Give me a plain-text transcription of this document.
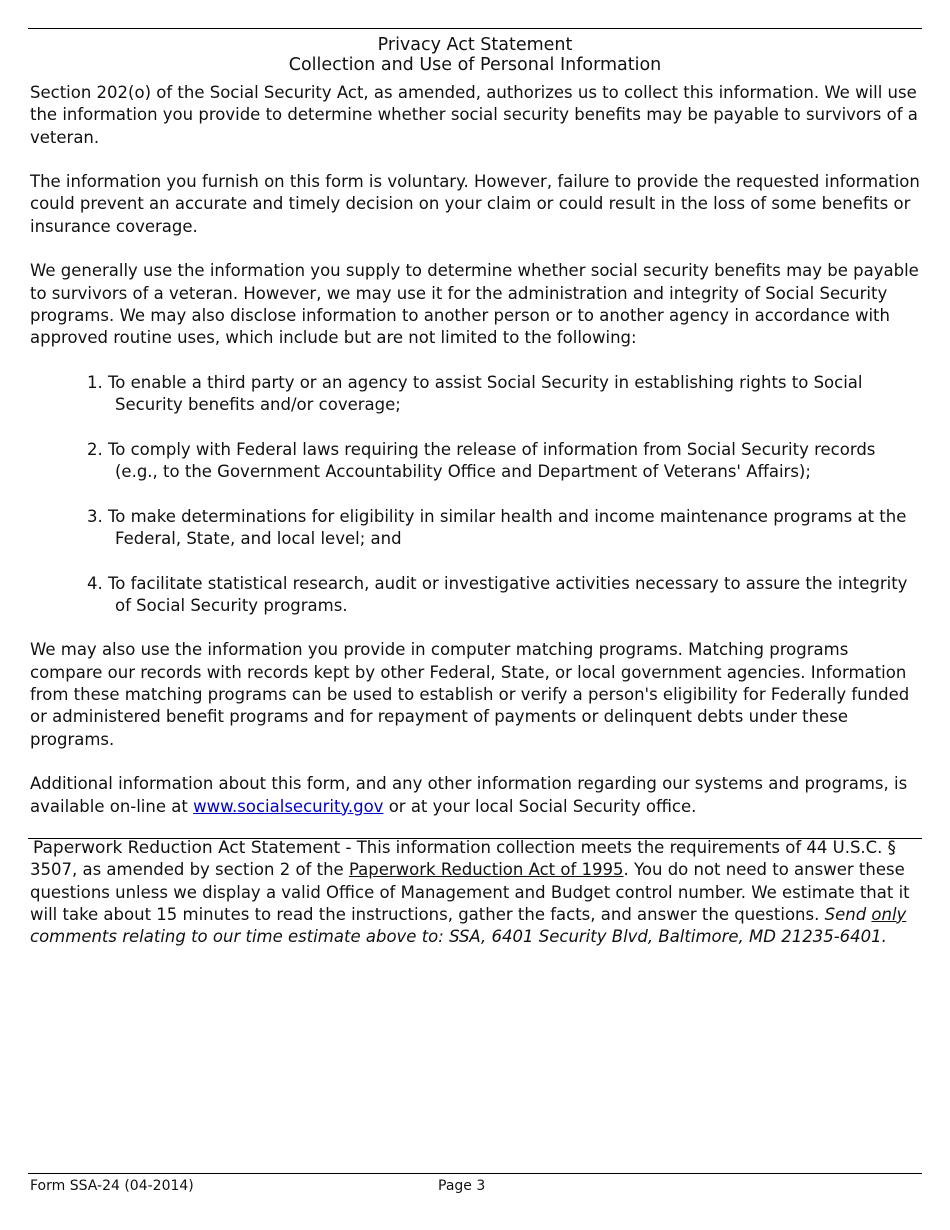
Privacy Act Statement
Collection and Use of Personal Information

Section 202(o) of the Social Security Act, as amended, authorizes us to collect this information. We will use the information you provide to determine whether social security benefits may be payable to survivors of a veteran.

The information you furnish on this form is voluntary. However, failure to provide the requested information could prevent an accurate and timely decision on your claim or could result in the loss of some benefits or insurance coverage.

We generally use the information you supply to determine whether social security benefits may be payable to survivors of a veteran. However, we may use it for the administration and integrity of Social Security programs. We may also disclose information to another person or to another agency in accordance with approved routine uses, which include but are not limited to the following:

1. To enable a third party or an agency to assist Social Security in establishing rights to Social Security benefits and/or coverage;
2. To comply with Federal laws requiring the release of information from Social Security records (e.g., to the Government Accountability Office and Department of Veterans' Affairs);
3. To make determinations for eligibility in similar health and income maintenance programs at the Federal, State, and local level; and
4. To facilitate statistical research, audit or investigative activities necessary to assure the integrity of Social Security programs.

We may also use the information you provide in computer matching programs. Matching programs compare our records with records kept by other Federal, State, or local government agencies. Information from these matching programs can be used to establish or verify a person's eligibility for Federally funded or administered benefit programs and for repayment of payments or delinquent debts under these programs.

Additional information about this form, and any other information regarding our systems and programs, is available on-line at www.socialsecurity.gov or at your local Social Security office.

Paperwork Reduction Act Statement - This information collection meets the requirements of 44 U.S.C. § 3507, as amended by section 2 of the Paperwork Reduction Act of 1995. You do not need to answer these questions unless we display a valid Office of Management and Budget control number. We estimate that it will take about 15 minutes to read the instructions, gather the facts, and answer the questions. Send only comments relating to our time estimate above to: SSA, 6401 Security Blvd, Baltimore, MD 21235-6401.
Form SSA-24 (04-2014)	Page 3
